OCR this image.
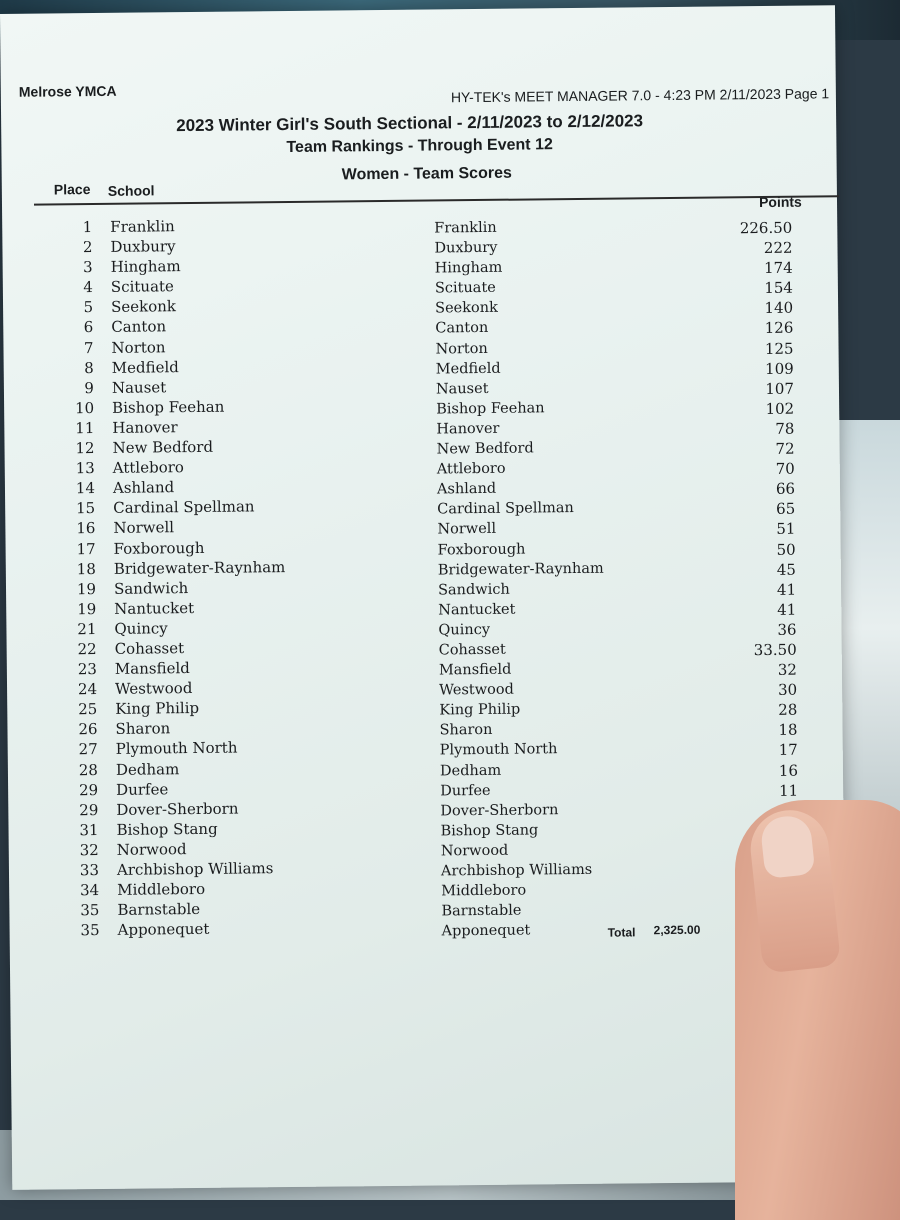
Melrose YMCA	HY-TEK's MEET MANAGER 7.0 - 4:23 PM 2/11/2023 Page 1
2023 Winter Girl's South Sectional - 2/11/2023 to 2/12/2023
Team Rankings - Through Event 12
Women - Team Scores
Place School
Points
1 Franklin	Franklin	226.50
2 Duxbury	Duxbury	222
3 Hingham	Hingham	174
4 Scituate	Scituate	154
5 Seekonk	Seekonk	140
6 Canton	Canton	126
7 Norton	Norton	125
8 Medfield	Medfield	109
9 Nauset	Nauset	107
10 Bishop Feehan	Bishop Feehan	102
11 Hanover	Hanover	78
12 New Bedford	New Bedford	72
13 Attleboro	Attleboro	70
14 Ashland	Ashland	66
15 Cardinal Spellman	Cardinal Spellman	65
16 Norwell	Norwell	51
17 Foxborough	Foxborough	50
18 Bridgewater-Raynham	Bridgewater-Raynham	45
19 Sandwich	Sandwich	41
19 Nantucket	Nantucket	41
21 Quincy	Quincy	36
22 Cohasset	Cohasset	33.50
23 Mansfield	Mansfield	32
24 Westwood	Westwood	30
25 King Philip	King Philip	28
26 Sharon	Sharon	18
27 Plymouth North	Plymouth North	17
28 Dedham	Dedham	16
29 Durfee	Durfee	11
29 Dover-Sherborn	Dover-Sherborn
31 Bishop Stang	Bishop Stang
32 Norwood	Norwood
33 Archbishop Williams	Archbishop Williams
34 Middleboro	Middleboro
35 Barnstable	Barnstable
35 Apponequet	Apponequet	Total 2,325.00
